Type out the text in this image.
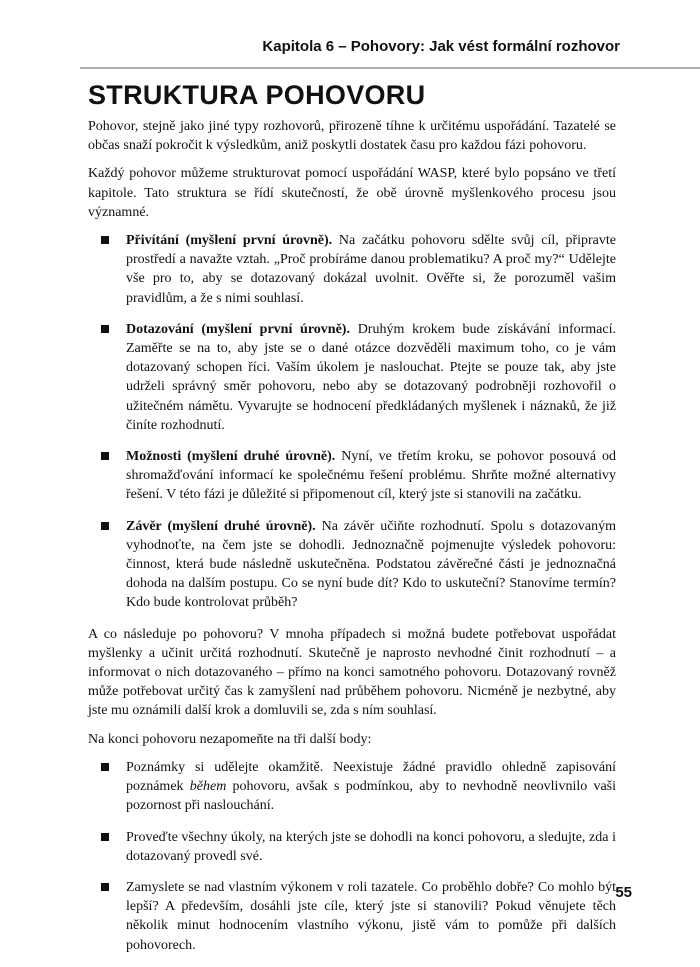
Kapitola 6 – Pohovory: Jak vést formální rozhovor
STRUKTURA POHOVORU

Pohovor, stejně jako jiné typy rozhovorů, přirozeně tíhne k určitému uspořádání. Tazatelé se občas snaží pokročit k výsledkům, aniž poskytli dostatek času pro každou fázi pohovoru.

Každý pohovor můžeme strukturovat pomocí uspořádání WASP, které bylo popsáno ve třetí kapitole. Tato struktura se řídí skutečností, že obě úrovně myšlenkového procesu jsou významné.

Přivítání (myšlení první úrovně). Na začátku pohovoru sdělte svůj cíl, připravte prostředí a navažte vztah. „Proč probíráme danou problematiku? A proč my?“ Udělejte vše pro to, aby se dotazovaný dokázal uvolnit. Ověřte si, že porozuměl vašim pravidlům, a že s nimi souhlasí.
Dotazování (myšlení první úrovně). Druhým krokem bude získávání informací. Zaměřte se na to, aby jste se o dané otázce dozvěděli maximum toho, co je vám dotazovaný schopen říci. Vaším úkolem je naslouchat. Ptejte se pouze tak, aby jste udrželi správný směr pohovoru, nebo aby se dotazovaný podrobněji rozhovořil o užitečném námětu. Vyvarujte se hodnocení předkládaných myšlenek i náznaků, že již činíte rozhodnutí.
Možnosti (myšlení druhé úrovně). Nyní, ve třetím kroku, se pohovor posouvá od shromažďování informací ke společnému řešení problému. Shrňte možné alternativy řešení. V této fázi je důležité si připomenout cíl, který jste si stanovili na začátku.
Závěr (myšlení druhé úrovně). Na závěr učiňte rozhodnutí. Spolu s dotazovaným vyhodnoťte, na čem jste se dohodli. Jednoznačně pojmenujte výsledek pohovoru: činnost, která bude následně uskutečněna. Podstatou závěrečné části je jednoznačná dohoda na dalším postupu. Co se nyní bude dít? Kdo to uskuteční? Stanovíme termín? Kdo bude kontrolovat průběh?

A co následuje po pohovoru? V mnoha případech si možná budete potřebovat uspořádat myšlenky a učinit určitá rozhodnutí. Skutečně je naprosto nevhodné činit rozhodnutí – a informovat o nich dotazovaného – přímo na konci samotného pohovoru. Dotazovaný rovněž může potřebovat určitý čas k zamyšlení nad průběhem pohovoru. Nicméně je nezbytné, aby jste mu oznámili další krok a domluvili se, zda s ním souhlasí.

Na konci pohovoru nezapomeňte na tři další body:

Poznámky si udělejte okamžitě. Neexistuje žádné pravidlo ohledně zapisování poznámek během pohovoru, avšak s podmínkou, aby to nevhodně neovlivnilo vaši pozornost při naslouchání.
Proveďte všechny úkoly, na kterých jste se dohodli na konci pohovoru, a sledujte, zda i dotazovaný provedl své.
Zamyslete se nad vlastním výkonem v roli tazatele. Co proběhlo dobře? Co mohlo být lepší? A především, dosáhli jste cíle, který jste si stanovili? Pokud věnujete těch několik minut hodnocením vlastního výkonu, jistě vám to pomůže při dalších pohovorech.
55
